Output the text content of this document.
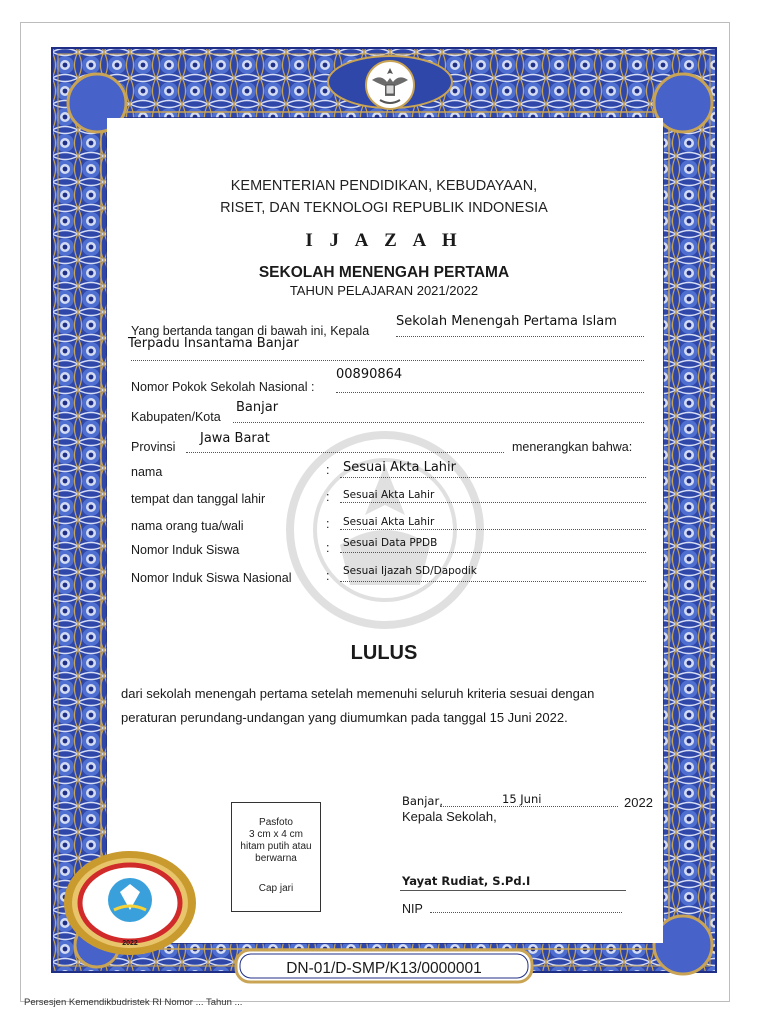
KEMENTERIAN PENDIDIKAN, KEBUDAYAAN,
RISET, DAN TEKNOLOGI REPUBLIK INDONESIA
I J A Z A H
SEKOLAH MENENGAH PERTAMA
TAHUN PELAJARAN 2021/2022
Yang bertanda tangan di bawah ini, Kepala
Sekolah Menengah Pertama Islam
Terpadu Insantama Banjar
Nomor Pokok Sekolah Nasional :
00890864
Kabupaten/Kota
Banjar
Provinsi
Jawa Barat
menerangkan bahwa:
nama	: Sesuai Akta Lahir
tempat dan tanggal lahir	: Sesuai Akta Lahir
nama orang tua/wali	: Sesuai Akta Lahir
Nomor Induk Siswa	: Sesuai Data PPDB
Nomor Induk Siswa Nasional	: Sesuai Ijazah SD/Dapodik
LULUS
dari sekolah menengah pertama setelah memenuhi seluruh kriteria sesuai dengan
peraturan perundang-undangan yang diumumkan pada tanggal 15 Juni 2022.
Banjar,	15 Juni	2022
Kepala Sekolah,
Yayat Rudiat, S.Pd.I
NIP
Pasfoto
3 cm x 4 cm
hitam putih atau
berwarna
Cap jari
2022
DN-01/D-SMP/K13/0000001
Persesjen Kemendikbudristek RI Nomor ... Tahun ...
